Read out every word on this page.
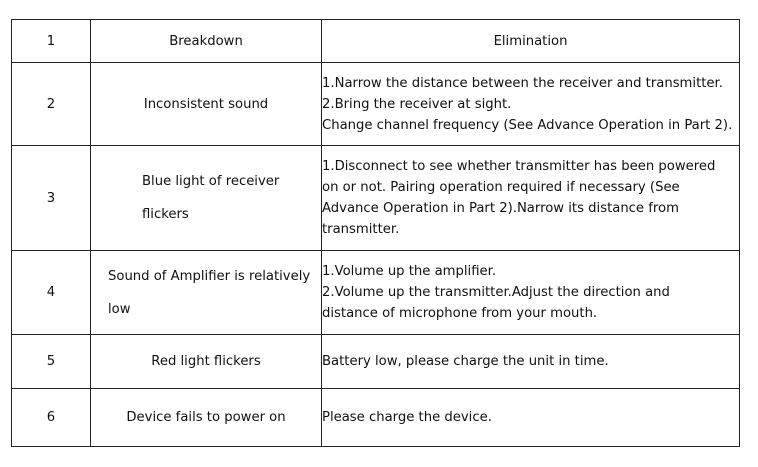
1	Breakdown	Elimination
2	Inconsistent sound	1.Narrow the distance between the receiver and transmitter.
2.Bring the receiver at sight.
Change channel frequency (See Advance Operation in Part 2).

3	Blue light of receiver
flickers	1.Disconnect to see whether transmitter has been powered
on or not. Pairing operation required if necessary (See
Advance Operation in Part 2).Narrow its distance from
transmitter.

4	Sound of Amplifier is relatively
low	1.Volume up the amplifier.
2.Volume up the transmitter.Adjust the direction and
distance of microphone from your mouth.

5	Red light flickers	Battery low, please charge the unit in time.
6	Device fails to power on	Please charge the device.
